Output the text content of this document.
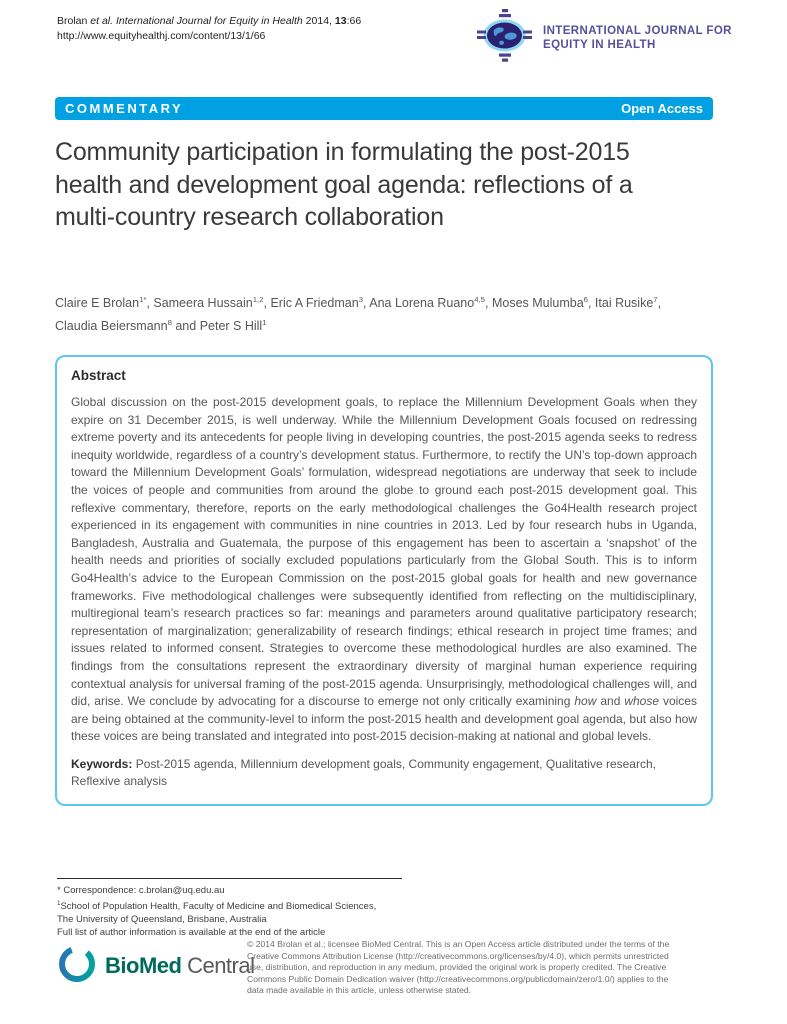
Brolan et al. International Journal for Equity in Health 2014, 13:66
http://www.equityhealthj.com/content/13/1/66	INTERNATIONAL JOURNAL FOR
EQUITY IN HEALTH
COMMENTARY	Open Access
Community participation in formulating the post-2015 health and development goal agenda: reflections of a multi-country research collaboration

Claire E Brolan$^{1*}$, Sameera Hussain$^{1,2}$, Eric A Friedman$^3$, Ana Lorena Ruano$^{4,5}$, Moses Mulumba$^6$, Itai Rusike$^7$, Claudia Beiersmann$^8$ and Peter S Hill$^1$

Abstract

Global discussion on the post-2015 development goals, to replace the Millennium Development Goals when they expire on 31 December 2015, is well underway. While the Millennium Development Goals focused on redressing extreme poverty and its antecedents for people living in developing countries, the post-2015 agenda seeks to redress inequity worldwide, regardless of a country’s development status. Furthermore, to rectify the UN’s top-down approach toward the Millennium Development Goals’ formulation, widespread negotiations are underway that seek to include the voices of people and communities from around the globe to ground each post-2015 development goal. This reflexive commentary, therefore, reports on the early methodological challenges the Go4Health research project experienced in its engagement with communities in nine countries in 2013. Led by four research hubs in Uganda, Bangladesh, Australia and Guatemala, the purpose of this engagement has been to ascertain a ‘snapshot’ of the health needs and priorities of socially excluded populations particularly from the Global South. This is to inform Go4Health’s advice to the European Commission on the post-2015 global goals for health and new governance frameworks. Five methodological challenges were subsequently identified from reflecting on the multidisciplinary, multiregional team’s research practices so far: meanings and parameters around qualitative participatory research; representation of marginalization; generalizability of research findings; ethical research in project time frames; and issues related to informed consent. Strategies to overcome these methodological hurdles are also examined. The findings from the consultations represent the extraordinary diversity of marginal human experience requiring contextual analysis for universal framing of the post-2015 agenda. Unsurprisingly, methodological challenges will, and did, arise. We conclude by advocating for a discourse to emerge not only critically examining how and whose voices are being obtained at the community-level to inform the post-2015 health and development goal agenda, but also how these voices are being translated and integrated into post-2015 decision-making at national and global levels.

Keywords: Post-2015 agenda, Millennium development goals, Community engagement, Qualitative research, Reflexive analysis

* Correspondence: c.brolan@uq.edu.au
$^1$School of Population Health, Faculty of Medicine and Biomedical Sciences,
The University of Queensland, Brisbane, Australia
Full list of author information is available at the end of the article
BioMed Central

© 2014 Brolan et al.; licensee BioMed Central. This is an Open Access article distributed under the terms of the Creative Commons Attribution License (http://creativecommons.org/licenses/by/4.0), which permits unrestricted use, distribution, and reproduction in any medium, provided the original work is properly credited. The Creative Commons Public Domain Dedication waiver (http://creativecommons.org/publicdomain/zero/1.0/) applies to the data made available in this article, unless otherwise stated.
